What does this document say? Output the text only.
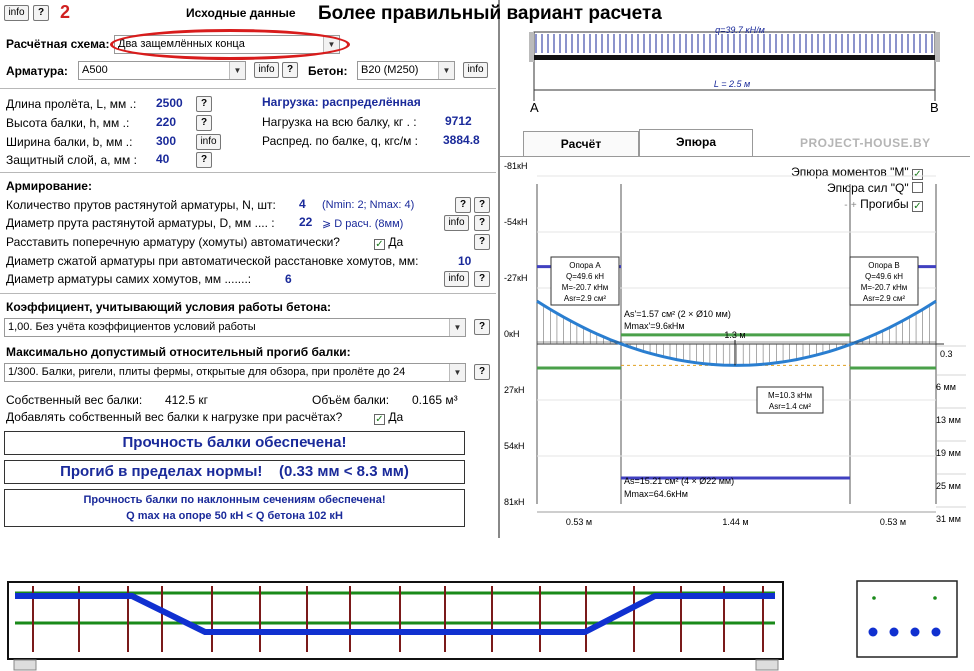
info	? 2	Исходные данные
Расчётная схема: Два защемлённых конца	▼
Арматура:	A500	▼	info	?	Бетон:	B20 (M250)	▼	info
Длина пролёта, L, мм .: 2500	?
Высота балки, h, мм .: 220	?
Ширина балки, b, мм .: 300	info
Защитный слой, a, мм : 40	?
Нагрузка: распределённая
Нагрузка на всю балку, кг . : 9712
Распред. по балке, q, кгс/м : 3884.8
Армирование:
Количество прутов растянутой арматуры, N, шт: 4 (Nmin: 2; Nmax: 4)	?	?
Диаметр прута растянутой арматуры, D, мм .... : 22 ⩾ D расч. (8мм)	info	?
Расставить поперечную арматуру (хомуты) автоматически?	✓ Да	?
Диаметр сжатой арматуры при автоматической расстановке хомутов, мм:	10
Диаметр арматуры самих хомутов, мм .......:	6	info	?
Коэффициент, учитывающий условия работы бетона:
1,00. Без учёта коэффициентов условий работы	▼	?
Максимально допустимый относительный прогиб балки:
1/300. Балки, ригели, плиты фермы, открытые для обзора, при пролёте до 24	▼	?
Собственный вес балки: 412.5 кг	Объём балки: 0.165 м³
Добавлять собственный вес балки к нагрузке при расчётах?	✓ Да
Прочность балки обеспечена!
Прогиб в пределах нормы!    (0.33 мм < 8.3 мм)
Прочность балки по наклонным сечениям обеспечена!
Q max на опоре 50 кН < Q бетона 102 кН
Более правильный вариант расчета
q=39.7 кН/м
L = 2.5 м
A	B
Расчёт	Эпюра	PROJECT-HOUSE.BY
Эпюра моментов "М" ✓
Эпюра сил "Q"
- + Прогибы ✓
-81кН
-54кН
-27кН
0кН
27кН
54кН
81кН
0.3
6 мм
13 мм
19 мм
25 мм
31 мм
0.53 м	1.44 м	0.53 м
1.3 м
Опора A
Q=49.6 кН
M=-20.7 кНм
Asr=2.9 см²
Опора B
Q=49.6 кН
M=-20.7 кНм
Asr=2.9 см²
M=10.3 кНм
Asr=1.4 см²
As'=1.57 см² (2 × Ø10 мм)
Mmax'=9.6кНм
As=15.21 см² (4 × Ø22 мм)
Mmax=64.6кНм
